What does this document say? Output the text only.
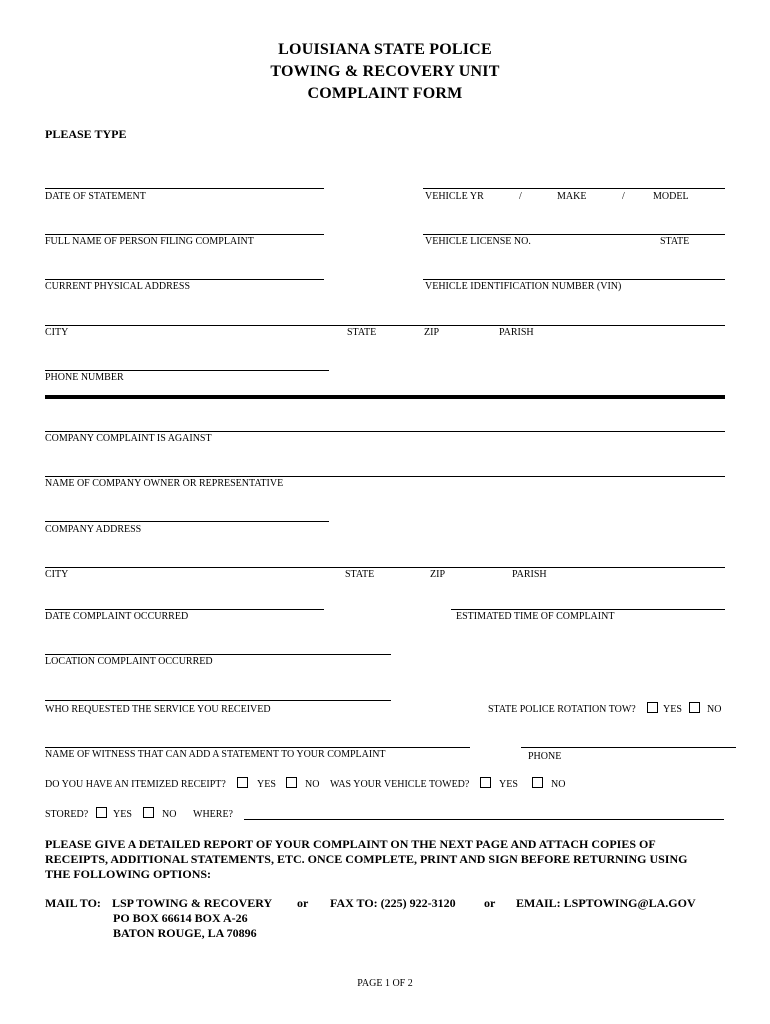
LOUISIANA STATE POLICE
TOWING & RECOVERY UNIT
COMPLAINT FORM
PLEASE TYPE
DATE OF STATEMENT	VEHICLE YR	/	MAKE	/	MODEL
FULL NAME OF PERSON FILING COMPLAINT	VEHICLE LICENSE NO.	STATE
CURRENT PHYSICAL ADDRESS	VEHICLE IDENTIFICATION NUMBER (VIN)
CITY	STATE	ZIP	PARISH
PHONE NUMBER
COMPANY COMPLAINT IS AGAINST
NAME OF COMPANY OWNER OR REPRESENTATIVE
COMPANY ADDRESS
CITY	STATE	ZIP	PARISH
DATE COMPLAINT OCCURRED	ESTIMATED TIME OF COMPLAINT
LOCATION COMPLAINT OCCURRED
WHO REQUESTED THE SERVICE YOU RECEIVED	STATE POLICE ROTATION TOW?	YES	NO
NAME OF WITNESS THAT CAN ADD A STATEMENT TO YOUR COMPLAINT	PHONE
DO YOU HAVE AN ITEMIZED RECEIPT?	YES	NO WAS YOUR VEHICLE TOWED?	YES	NO
STORED? YES	NO WHERE?
PLEASE GIVE A DETAILED REPORT OF YOUR COMPLAINT ON THE NEXT PAGE AND ATTACH COPIES OF
RECEIPTS, ADDITIONAL STATEMENTS, ETC. ONCE COMPLETE, PRINT AND SIGN BEFORE RETURNING USING
THE FOLLOWING OPTIONS:
MAIL TO: LSP TOWING & RECOVERY
PO BOX 66614 BOX A-26
BATON ROUGE, LA 70896
or FAX TO: (225) 922-3120 or EMAIL: LSPTOWING@LA.GOV
PAGE 1 OF 2
